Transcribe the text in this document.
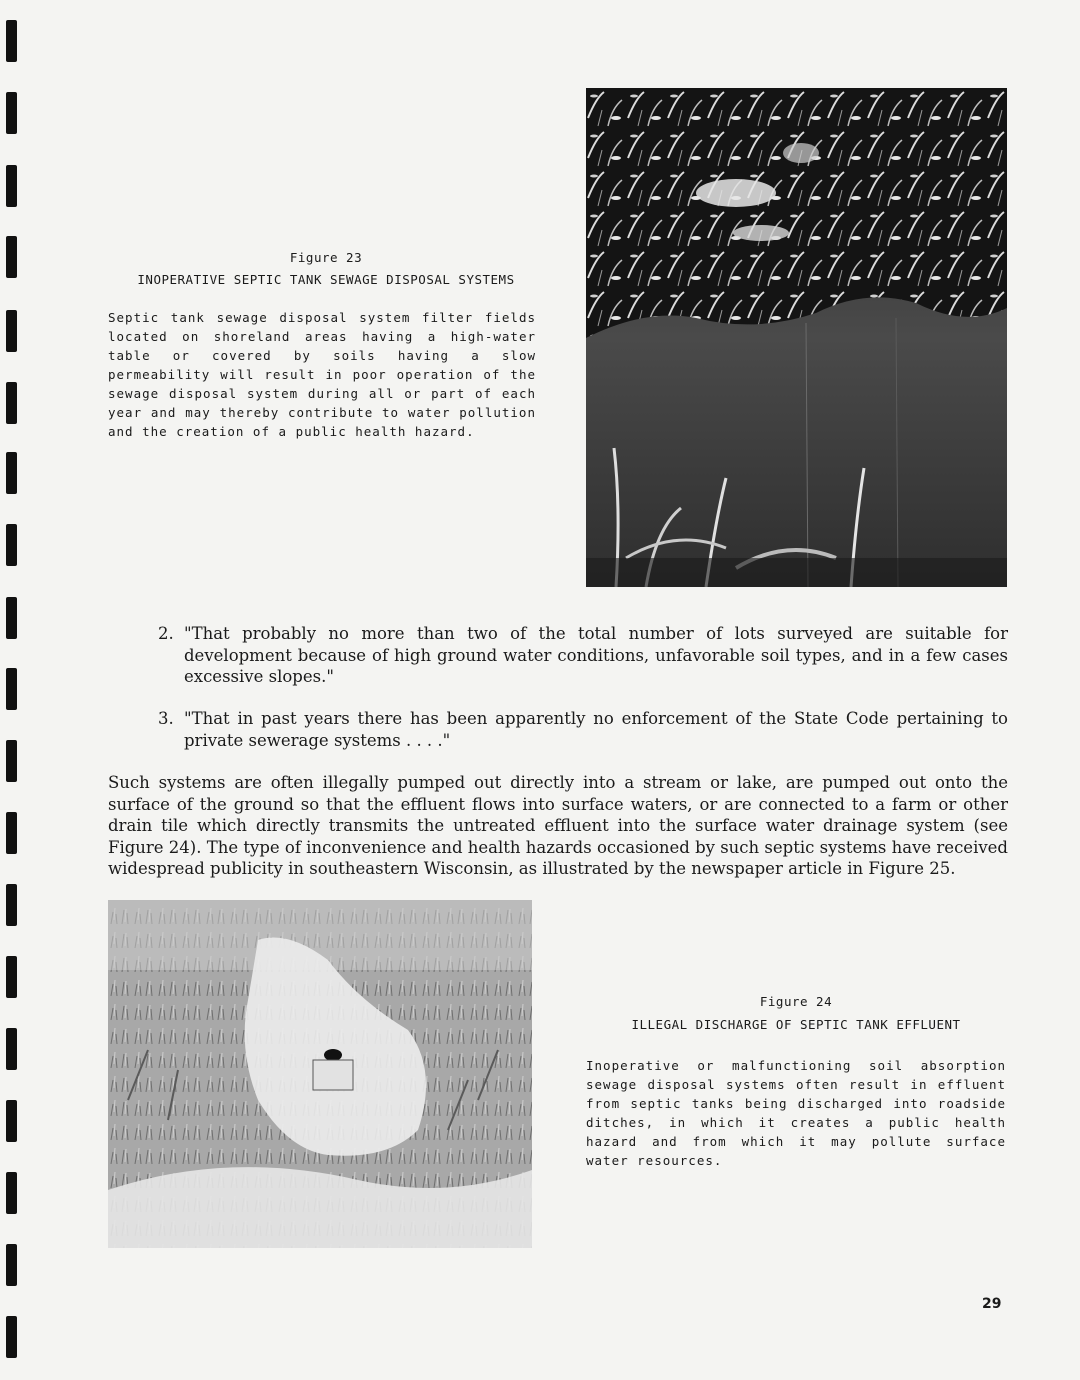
Figure 23
INOPERATIVE SEPTIC TANK SEWAGE DISPOSAL SYSTEMS
Septic tank sewage disposal system filter fields located on shoreland areas having a high-water table or covered by soils having a slow permeability will result in poor operation of the sewage disposal system during all or part of each year and may thereby contribute to water pollution and the creation of a public health hazard.
2. "That probably no more than two of the total number of lots surveyed are suitable for development because of high ground water conditions, unfavorable soil types, and in a few cases excessive slopes."
3. "That in past years there has been apparently no enforcement of the State Code pertaining to private sewerage systems . . . ."
Such systems are often illegally pumped out directly into a stream or lake, are pumped out onto the surface of the ground so that the effluent flows into surface waters, or are connected to a farm or other drain tile which directly transmits the untreated effluent into the surface water drainage system (see Figure 24). The type of inconvenience and health hazards occasioned by such septic systems have received widespread publicity in southeastern Wisconsin, as illustrated by the newspaper article in Figure 25.
Figure 24
ILLEGAL DISCHARGE OF SEPTIC TANK EFFLUENT
Inoperative or malfunctioning soil absorption sewage disposal systems often result in effluent from septic tanks being discharged into roadside ditches, in which it creates a public health hazard and from which it may pollute surface water resources.
29
